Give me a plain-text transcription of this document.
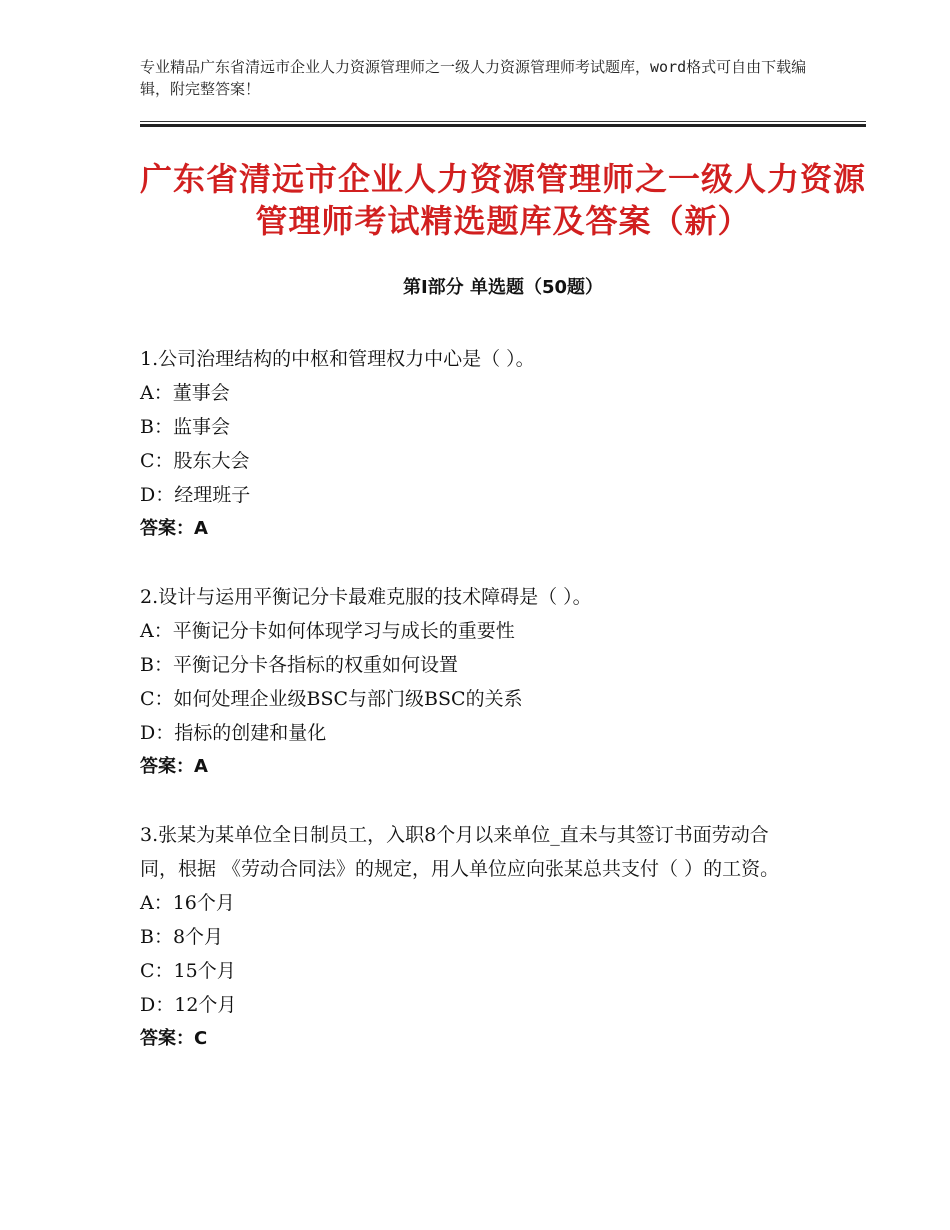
专业精品广东省清远市企业人力资源管理师之一级人力资源管理师考试题库，word格式可自由下载编辑，附完整答案！
广东省清远市企业人力资源管理师之一级人力资源管理师考试精选题库及答案（新）
第Ⅰ部分 单选题（50题）

1.公司治理结构的中枢和管理权力中心是（ ）。

A：董事会

B：监事会

C：股东大会

D：经理班子

答案：A

2.设计与运用平衡记分卡最难克服的技术障碍是（ ）。

A：平衡记分卡如何体现学习与成长的重要性

B：平衡记分卡各指标的权重如何设置

C：如何处理企业级BSC与部门级BSC的关系

D：指标的创建和量化

答案：A

3.张某为某单位全日制员工，入职8个月以来单位_直未与其签订书面劳动合同，根据 《劳动合同法》的规定，用人单位应向张某总共支付（ ）的工资。

A：16个月

B：8个月

C：15个月

D：12个月

答案：C
